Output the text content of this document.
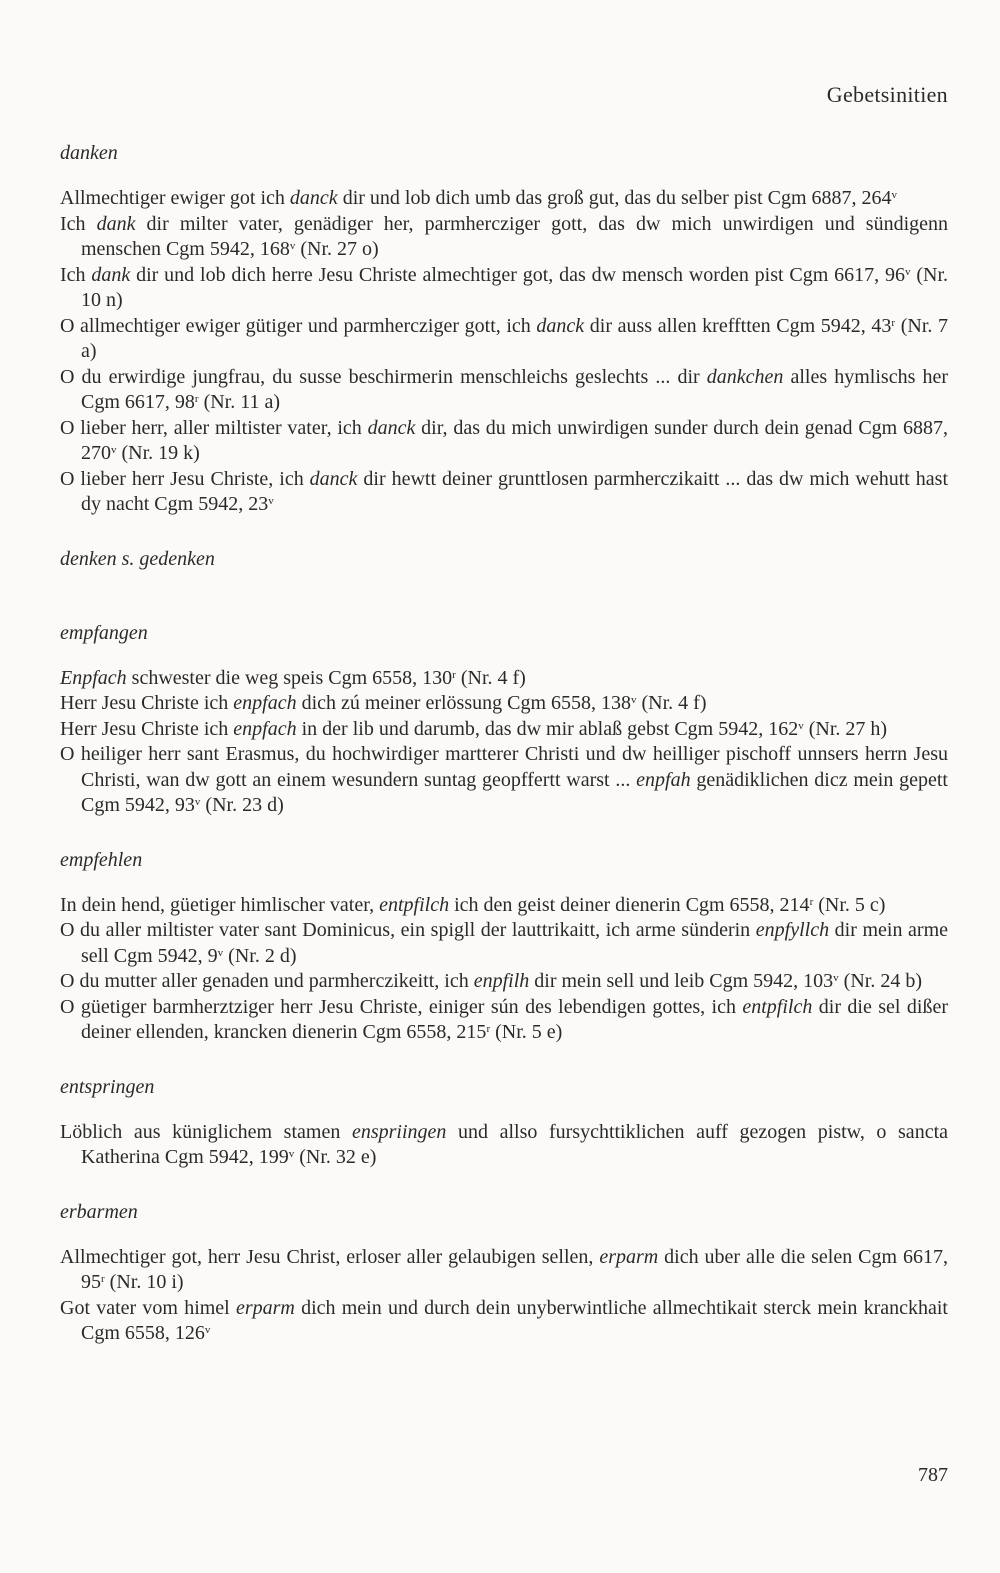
Gebetsinitien
danken

Allmechtiger ewiger got ich danck dir und lob dich umb das groß gut, das du selber pist Cgm 6887, 264$^v$

Ich dank dir milter vater, genädiger her, parmhercziger gott, das dw mich unwirdigen und sündigenn menschen Cgm 5942, 168$^v$ (Nr. 27 o)

Ich dank dir und lob dich herre Jesu Christe almechtiger got, das dw mensch worden pist Cgm 6617, 96$^v$ (Nr. 10 n)

O allmechtiger ewiger gütiger und parmhercziger gott, ich danck dir auss allen krefftten Cgm 5942, 43$^r$ (Nr. 7 a)

O du erwirdige jungfrau, du susse beschirmerin menschleichs geslechts ... dir dankchen alles hymlischs her Cgm 6617, 98$^r$ (Nr. 11 a)

O lieber herr, aller miltister vater, ich danck dir, das du mich unwirdigen sunder durch dein genad Cgm 6887, 270$^v$ (Nr. 19 k)

O lieber herr Jesu Christe, ich danck dir hewtt deiner grunttlosen parmherczikaitt ... das dw mich wehutt hast dy nacht Cgm 5942, 23$^v$

denken s. gedenken
empfangen

Enpfach schwester die weg speis Cgm 6558, 130$^r$ (Nr. 4 f)

Herr Jesu Christe ich enpfach dich zú meiner erlössung Cgm 6558, 138$^v$ (Nr. 4 f)

Herr Jesu Christe ich enpfach in der lib und darumb, das dw mir ablaß gebst Cgm 5942, 162$^v$ (Nr. 27 h)

O heiliger herr sant Erasmus, du hochwirdiger martterer Christi und dw heilliger pischoff unnsers herrn Jesu Christi, wan dw gott an einem wesundern suntag geopffertt warst ... enpfah genädiklichen dicz mein gepett Cgm 5942, 93$^v$ (Nr. 23 d)

empfehlen

In dein hend, güetiger himlischer vater, entpfilch ich den geist deiner dienerin Cgm 6558, 214$^r$ (Nr. 5 c)

O du aller miltister vater sant Dominicus, ein spigll der lauttrikaitt, ich arme sünderin enpfyllch dir mein arme sell Cgm 5942, 9$^v$ (Nr. 2 d)

O du mutter aller genaden und parmherczikeitt, ich enpfilh dir mein sell und leib Cgm 5942, 103$^v$ (Nr. 24 b)

O güetiger barmherztziger herr Jesu Christe, einiger sún des lebendigen gottes, ich entpfilch dir die sel dißer deiner ellenden, krancken dienerin Cgm 6558, 215$^r$ (Nr. 5 e)

entspringen

Löblich aus küniglichem stamen enspriingen und allso fursychttiklichen auff gezogen pistw, o sancta Katherina Cgm 5942, 199$^v$ (Nr. 32 e)

erbarmen

Allmechtiger got, herr Jesu Christ, erloser aller gelaubigen sellen, erparm dich uber alle die selen Cgm 6617, 95$^r$ (Nr. 10 i)

Got vater vom himel erparm dich mein und durch dein unyberwintliche allmechtikait sterck mein kranckhait Cgm 6558, 126$^v$

787
